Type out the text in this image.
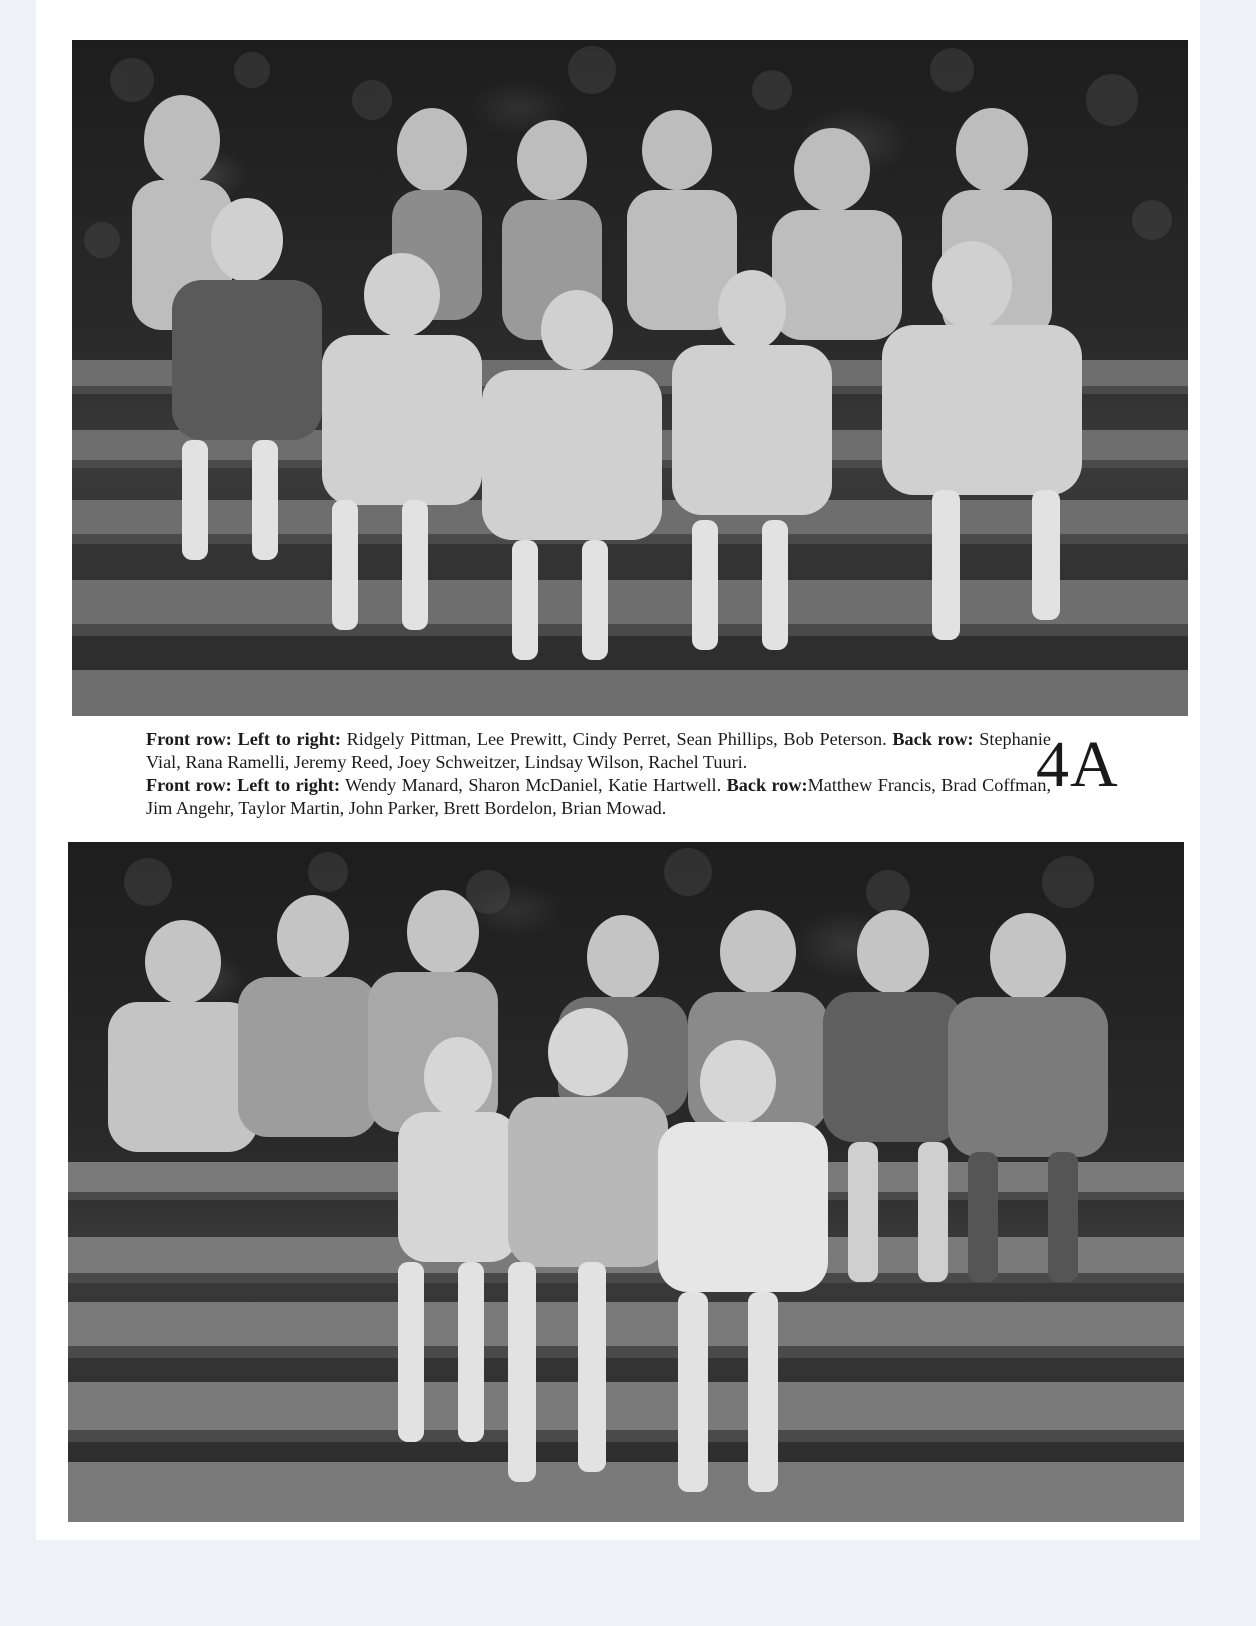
Front row: Left to right: Ridgely Pittman, Lee Prewitt, Cindy Perret, Sean Phillips, Bob Peterson. Back row: Stephanie Vial, Rana Ramelli, Jeremy Reed, Joey Schweitzer, Lindsay Wilson, Rachel Tuuri.

Front row: Left to right: Wendy Manard, Sharon McDaniel, Katie Hartwell. Back row:Matthew Francis, Brad Coffman, Jim Angehr, Taylor Martin, John Parker, Brett Bordelon, Brian Mowad.

4A
